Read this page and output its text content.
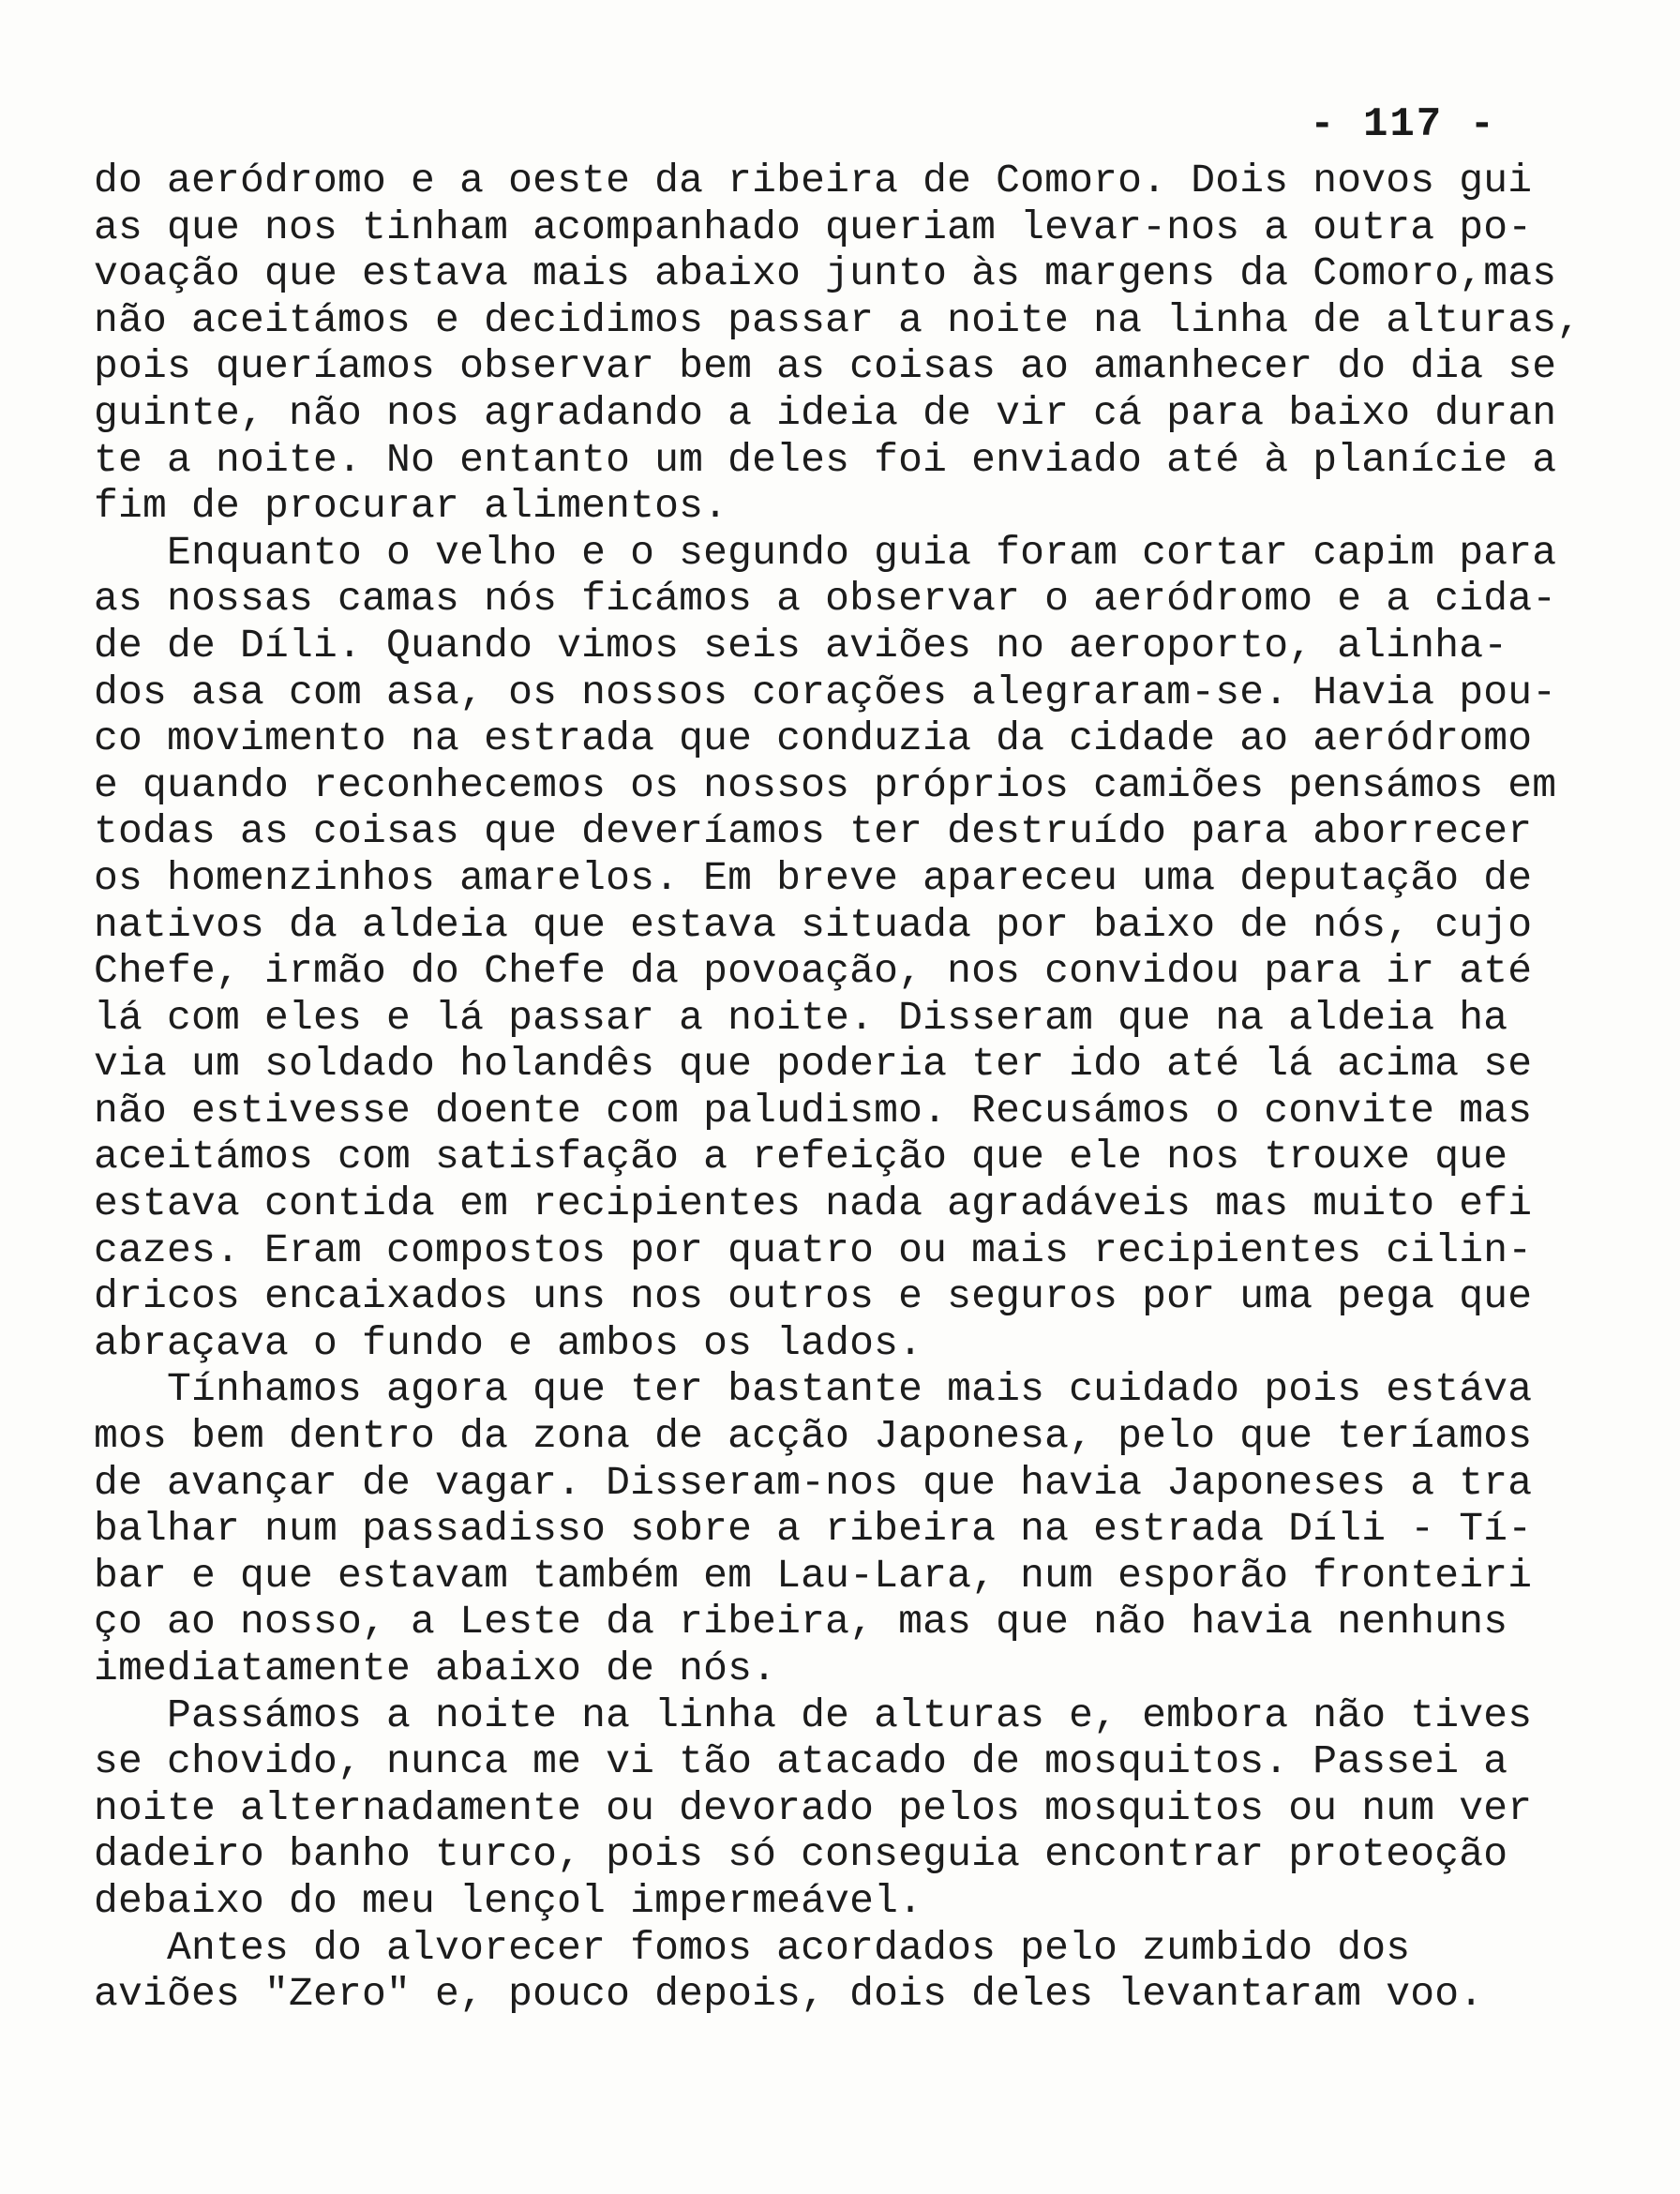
- 117 -
do aeródromo e a oeste da ribeira de Comoro. Dois novos gui
as que nos tinham acompanhado queriam levar-nos a outra po-
voação que estava mais abaixo junto às margens da Comoro,mas
não aceitámos e decidimos passar a noite na linha de alturas,
pois queríamos observar bem as coisas ao amanhecer do dia se
guinte, não nos agradando a ideia de vir cá para baixo duran
te a noite. No entanto um deles foi enviado até à planície a
fim de procurar alimentos.
Enquanto o velho e o segundo guia foram cortar capim para
as nossas camas nós ficámos a observar o aeródromo e a cida-
de de Díli. Quando vimos seis aviões no aeroporto, alinha-
dos asa com asa, os nossos corações alegraram-se. Havia pou-
co movimento na estrada que conduzia da cidade ao aeródromo
e quando reconhecemos os nossos próprios camiões pensámos em
todas as coisas que deveríamos ter destruído para aborrecer
os homenzinhos amarelos. Em breve apareceu uma deputação de
nativos da aldeia que estava situada por baixo de nós, cujo
Chefe, irmão do Chefe da povoação, nos convidou para ir até
lá com eles e lá passar a noite. Disseram que na aldeia ha
via um soldado holandês que poderia ter ido até lá acima se
não estivesse doente com paludismo. Recusámos o convite mas
aceitámos com satisfação a refeição que ele nos trouxe que
estava contida em recipientes nada agradáveis mas muito efi
cazes. Eram compostos por quatro ou mais recipientes cilin-
dricos encaixados uns nos outros e seguros por uma pega que
abraçava o fundo e ambos os lados.
Tínhamos agora que ter bastante mais cuidado pois estáva
mos bem dentro da zona de acção Japonesa, pelo que teríamos
de avançar de vagar. Disseram-nos que havia Japoneses a tra
balhar num passadisso sobre a ribeira na estrada Díli - Tí-
bar e que estavam também em Lau-Lara, num esporão fronteiri
ço ao nosso, a Leste da ribeira, mas que não havia nenhuns
imediatamente abaixo de nós.
Passámos a noite na linha de alturas e, embora não tives
se chovido, nunca me vi tão atacado de mosquitos. Passei a
noite alternadamente ou devorado pelos mosquitos ou num ver
dadeiro banho turco, pois só conseguia encontrar proteoção
debaixo do meu lençol impermeável.
Antes do alvorecer fomos acordados pelo zumbido dos
aviões "Zero" e, pouco depois, dois deles levantaram voo.
